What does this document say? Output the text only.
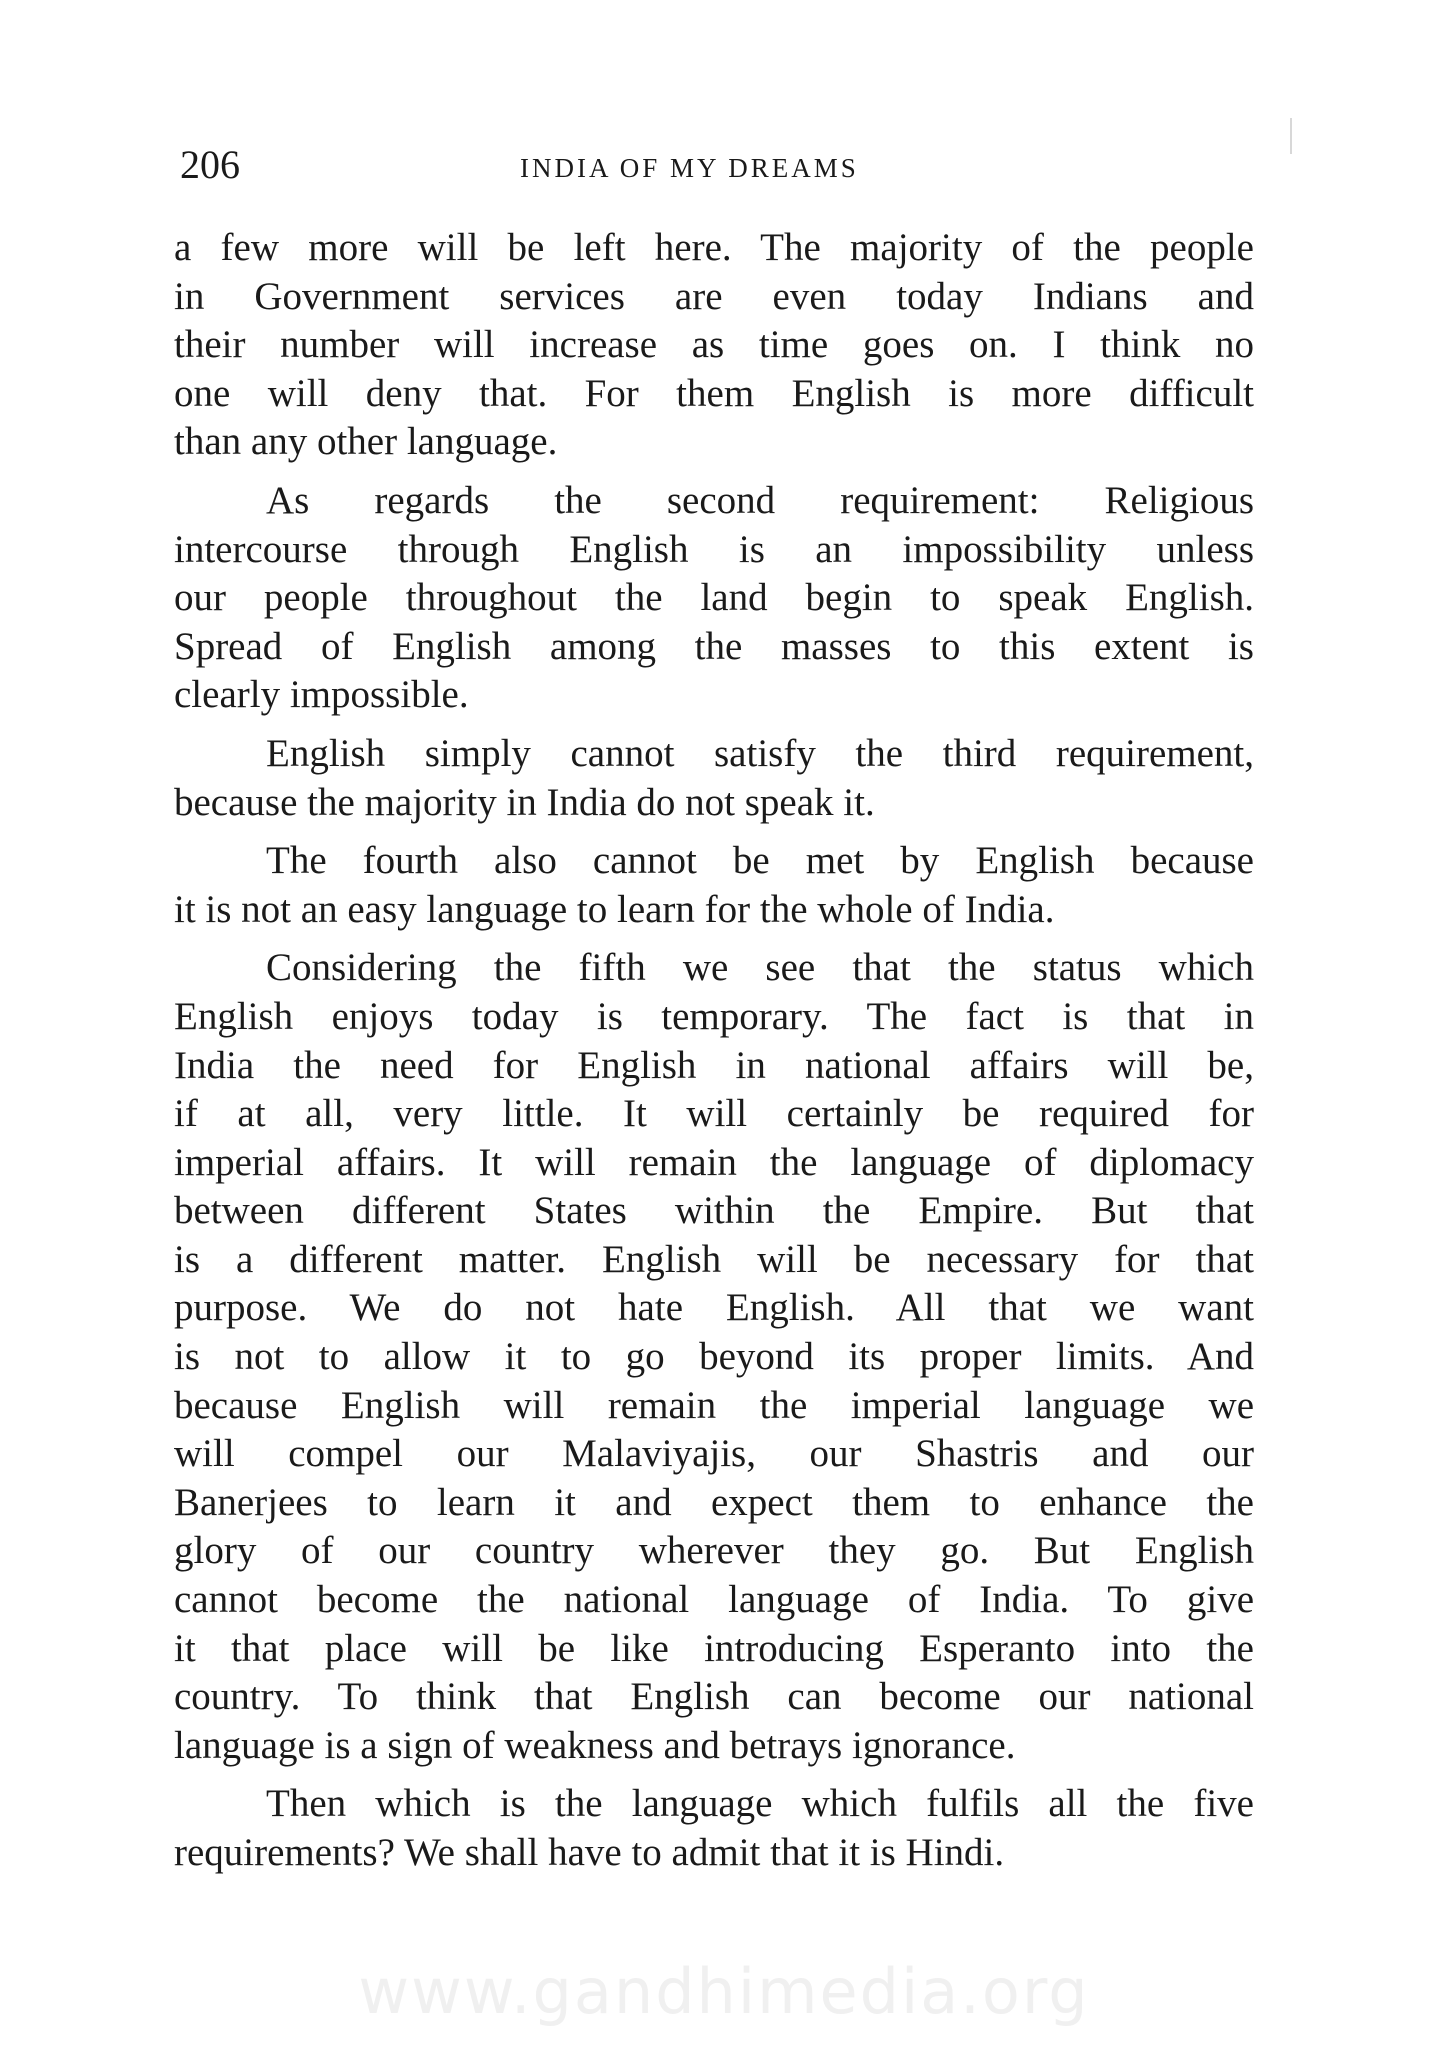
206	INDIA OF MY DREAMS
a few more will be left here. The majority of the people
in Government services are even today Indians and
their number will increase as time goes on. I think no
one will deny that. For them English is more difficult
than any other language.
As regards the second requirement: Religious
intercourse through English is an impossibility unless
our people throughout the land begin to speak English.
Spread of English among the masses to this extent is
clearly impossible.
English simply cannot satisfy the third requirement,
because the majority in India do not speak it.
The fourth also cannot be met by English because
it is not an easy language to learn for the whole of India.
Considering the fifth we see that the status which
English enjoys today is temporary. The fact is that in
India the need for English in national affairs will be,
if at all, very little. It will certainly be required for
imperial affairs. It will remain the language of diplomacy
between different States within the Empire. But that
is a different matter. English will be necessary for that
purpose. We do not hate English. All that we want
is not to allow it to go beyond its proper limits. And
because English will remain the imperial language we
will compel our Malaviyajis, our Shastris and our
Banerjees to learn it and expect them to enhance the
glory of our country wherever they go. But English
cannot become the national language of India. To give
it that place will be like introducing Esperanto into the
country. To think that English can become our national
language is a sign of weakness and betrays ignorance.
Then which is the language which fulfils all the five
requirements? We shall have to admit that it is Hindi.
www.gandhimedia.org
